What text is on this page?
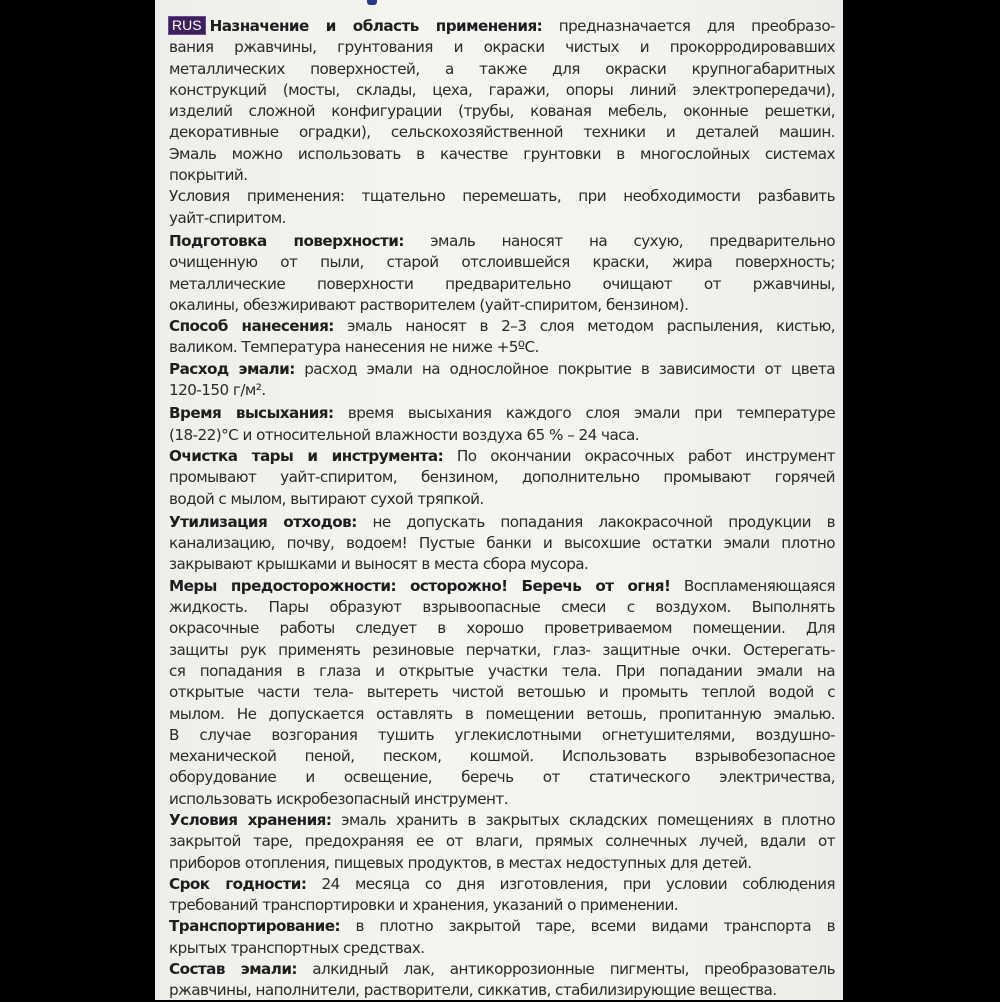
RUS Назначение и область применения: предназначается для преобразо-
вания ржавчины, грунтования и окраски чистых и прокорродировавших
металлических поверхностей, а также для окраски крупногабаритных
конструкций (мосты, склады, цеха, гаражи, опоры линий электропередачи),
изделий сложной конфигурации (трубы, кованая мебель, оконные решетки,
декоративные оградки), сельскохозяйственной техники и деталей машин.
Эмаль можно использовать в качестве грунтовки в многослойных системах
покрытий.
Условия применения: тщательно перемешать, при необходимости разбавить
уайт-спиритом.
Подготовка поверхности: эмаль наносят на сухую, предварительно
очищенную от пыли, старой отслоившейся краски, жира поверхность;
металлические поверхности предварительно очищают от ржавчины,
окалины, обезжиривают растворителем (уайт-спиритом, бензином).
Способ нанесения: эмаль наносят в 2–3 слоя методом распыления, кистью,
валиком. Температура нанесения не ниже +5ºС.
Расход эмали: расход эмали на однослойное покрытие в зависимости от цвета
120-150 г/м².
Время высыхания: время высыхания каждого слоя эмали при температуре
(18-22)°С и относительной влажности воздуха 65 % – 24 часа.
Очистка тары и инструмента: По окончании окрасочных работ инструмент
промывают уайт-спиритом, бензином, дополнительно промывают горячей
водой с мылом, вытирают сухой тряпкой.
Утилизация отходов: не допускать попадания лакокрасочной продукции в
канализацию, почву, водоем! Пустые банки и высохшие остатки эмали плотно
закрывают крышками и выносят в места сбора мусора.
Меры предосторожности: осторожно! Беречь от огня! Воспламеняющаяся
жидкость. Пары образуют взрывоопасные смеси с воздухом. Выполнять
окрасочные работы следует в хорошо проветриваемом помещении. Для
защиты рук применять резиновые перчатки, глаз- защитные очки. Остерегать-
ся попадания в глаза и открытые участки тела. При попадании эмали на
открытые части тела- вытереть чистой ветошью и промыть теплой водой с
мылом. Не допускается оставлять в помещении ветошь, пропитанную эмалью.
В случае возгорания тушить углекислотными огнетушителями, воздушно-
механической пеной, песком, кошмой. Использовать взрывобезопасное
оборудование и освещение, беречь от статического электричества,
использовать искробезопасный инструмент.
Условия хранения: эмаль хранить в закрытых складских помещениях в плотно
закрытой таре, предохраняя ее от влаги, прямых солнечных лучей, вдали от
приборов отопления, пищевых продуктов, в местах недоступных для детей.
Срок годности: 24 месяца со дня изготовления, при условии соблюдения
требований транспортировки и хранения, указаний о применении.
Транспортирование: в плотно закрытой таре, всеми видами транспорта в
крытых транспортных средствах.
Состав эмали: алкидный лак, антикоррозионные пигменты, преобразователь
ржавчины, наполнители, растворители, сиккатив, стабилизирующие вещества.
